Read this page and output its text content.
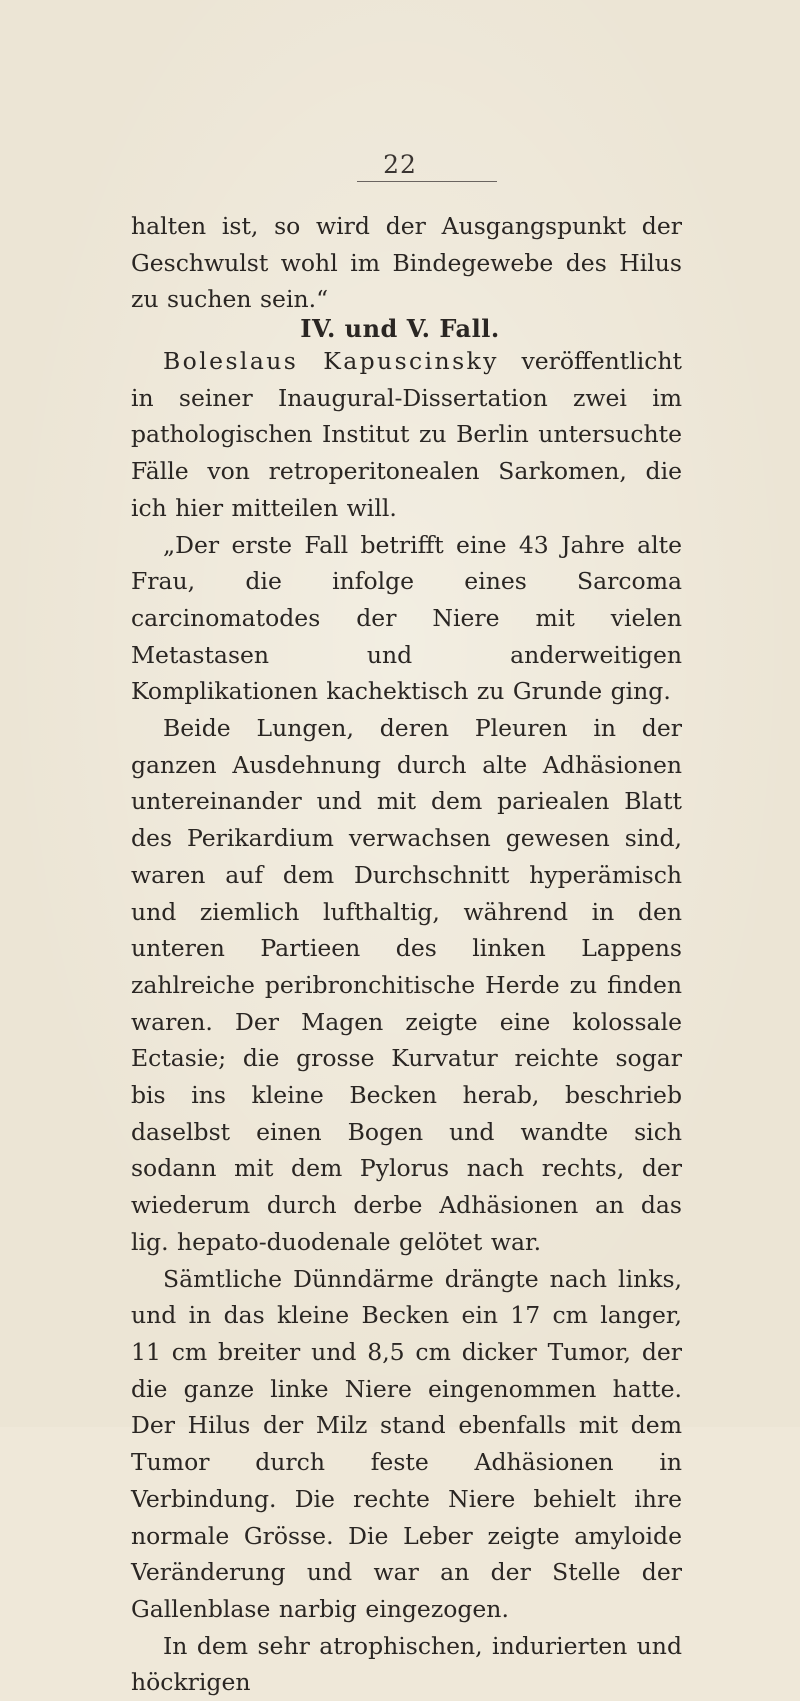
22

halten ist, so wird der Ausgangspunkt der Geschwulst wohl im Bindegewebe des Hilus zu suchen sein.“

IV. und V. Fall.

Boleslaus Kapuscinsky veröffentlicht in seiner Inaugural-Dissertation zwei im pathologischen Institut zu Berlin untersuchte Fälle von retroperitonealen Sarkomen, die ich hier mitteilen will.

„Der erste Fall betrifft eine 43 Jahre alte Frau, die infolge eines Sarcoma carcinomatodes der Niere mit vielen Metastasen und anderweitigen Komplikationen kachektisch zu Grunde ging.

Beide Lungen, deren Pleuren in der ganzen Ausdehnung durch alte Adhäsionen untereinander und mit dem pariealen Blatt des Perikardium verwachsen gewesen sind, waren auf dem Durchschnitt hyperämisch und ziemlich lufthaltig, während in den unteren Partieen des linken Lappens zahlreiche peribronchitische Herde zu finden waren. Der Magen zeigte eine kolossale Ectasie; die grosse Kurvatur reichte sogar bis ins kleine Becken herab, beschrieb daselbst einen Bogen und wandte sich sodann mit dem Pylorus nach rechts, der wiederum durch derbe Adhäsionen an das lig. hepato-duodenale gelötet war.

Sämtliche Dünndärme drängte nach links, und in das kleine Becken ein 17 cm langer, 11 cm breiter und 8,5 cm dicker Tumor, der die ganze linke Niere eingenommen hatte. Der Hilus der Milz stand ebenfalls mit dem Tumor durch feste Adhäsionen in Verbindung. Die rechte Niere behielt ihre normale Grösse. Die Leber zeigte amyloide Veränderung und war an der Stelle der Gallenblase narbig eingezogen.

In dem sehr atrophischen, indurierten und höckrigen
